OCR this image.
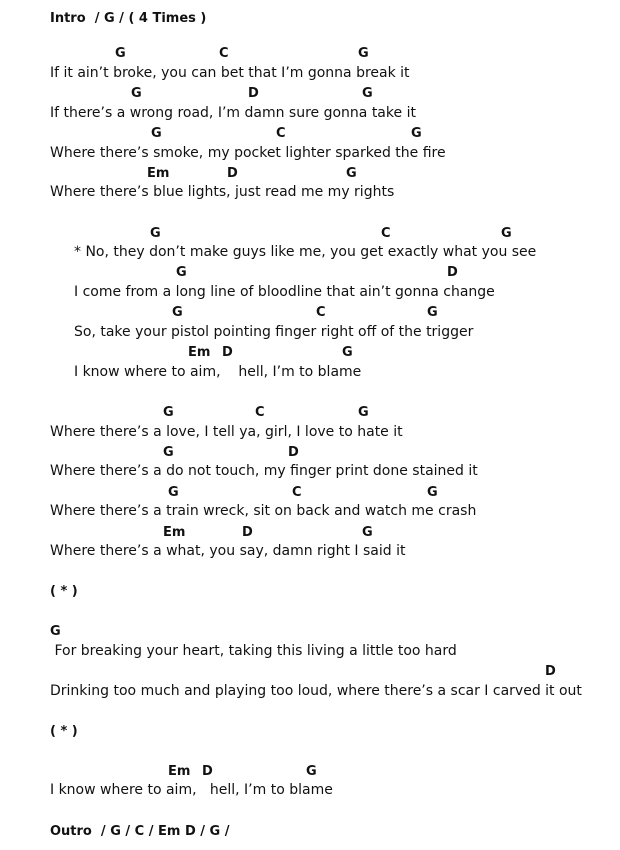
Intro  / G / ( 4 Times )
G	C	G
If it ain’t broke, you can bet that I’m gonna break it
G	D	G
If there’s a wrong road, I’m damn sure gonna take it
G	C	G
Where there’s smoke, my pocket lighter sparked the fire
Em	D	G
Where there’s blue lights, just read me my rights
G	C	G
* No, they don’t make guys like me, you get exactly what you see
G	D
I come from a long line of bloodline that ain’t gonna change
G	C	G
So, take your pistol pointing finger right off of the trigger
Em D	G
I know where to aim,    hell, I’m to blame
G	C	G
Where there’s a love, I tell ya, girl, I love to hate it
G	D
Where there’s a do not touch, my finger print done stained it
G	C	G
Where there’s a train wreck, sit on back and watch me crash
Em	D	G
Where there’s a what, you say, damn right I said it
( * )
G
For breaking your heart, taking this living a little too hard
D
Drinking too much and playing too loud, where there’s a scar I carved it out
( * )
Em D	G
I know where to aim,   hell, I’m to blame
Outro  / G / C / Em D / G /
